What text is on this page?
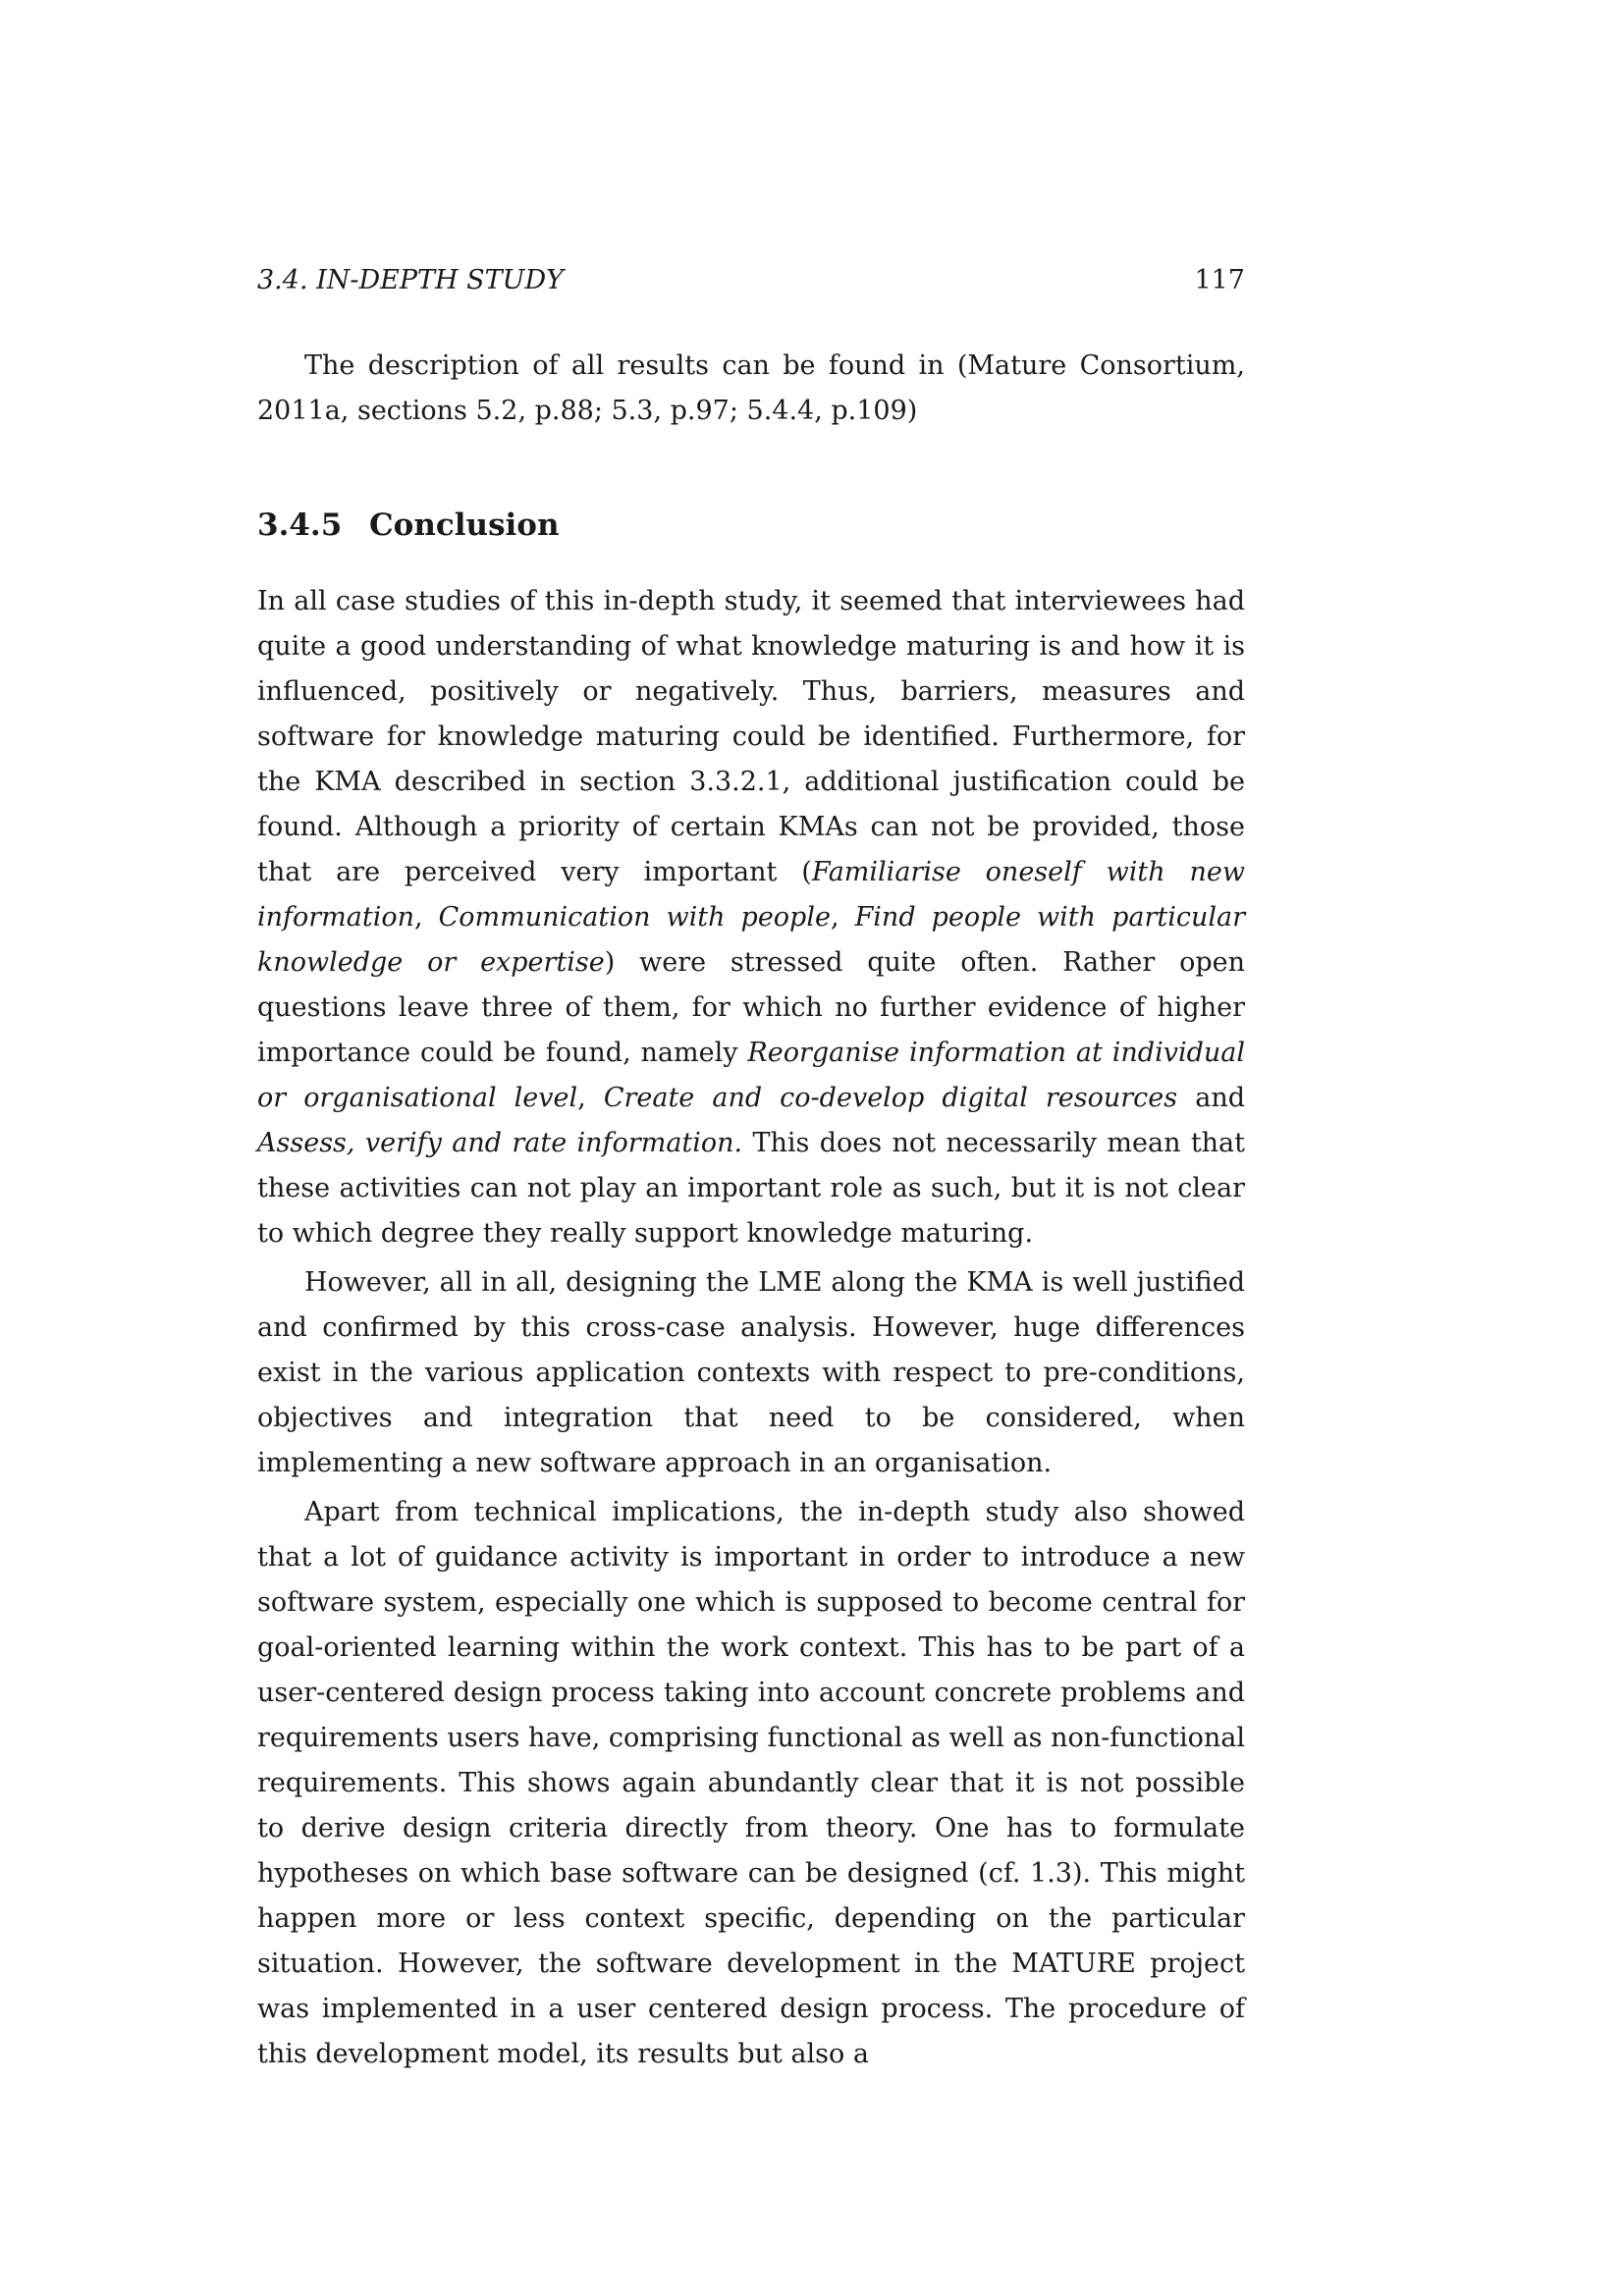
3.4. IN-DEPTH STUDY	117

The description of all results can be found in (Mature Consortium, 2011a, sections 5.2, p.88; 5.3, p.97; 5.4.4, p.109)

3.4.5 Conclusion

In all case studies of this in-depth study, it seemed that interviewees had quite a good understanding of what knowledge maturing is and how it is influenced, positively or negatively. Thus, barriers, measures and software for knowledge maturing could be identified. Furthermore, for the KMA described in section 3.3.2.1, additional justification could be found. Although a priority of certain KMAs can not be provided, those that are perceived very important (Familiarise oneself with new information, Communication with people, Find people with particular knowledge or expertise) were stressed quite often. Rather open questions leave three of them, for which no further evidence of higher importance could be found, namely Reorganise information at individual or organisational level, Create and co-develop digital resources and Assess, verify and rate information. This does not necessarily mean that these activities can not play an important role as such, but it is not clear to which degree they really support knowledge maturing.

However, all in all, designing the LME along the KMA is well justified and confirmed by this cross-case analysis. However, huge differences exist in the various application contexts with respect to pre-conditions, objectives and integration that need to be considered, when implementing a new software approach in an organisation.

Apart from technical implications, the in-depth study also showed that a lot of guidance activity is important in order to introduce a new software system, especially one which is supposed to become central for goal-oriented learning within the work context. This has to be part of a user-centered design process taking into account concrete problems and requirements users have, comprising functional as well as non-functional requirements. This shows again abundantly clear that it is not possible to derive design criteria directly from theory. One has to formulate hypotheses on which base software can be designed (cf. 1.3). This might happen more or less context specific, depending on the particular situation. However, the software development in the MATURE project was implemented in a user centered design process. The procedure of this development model, its results but also a
